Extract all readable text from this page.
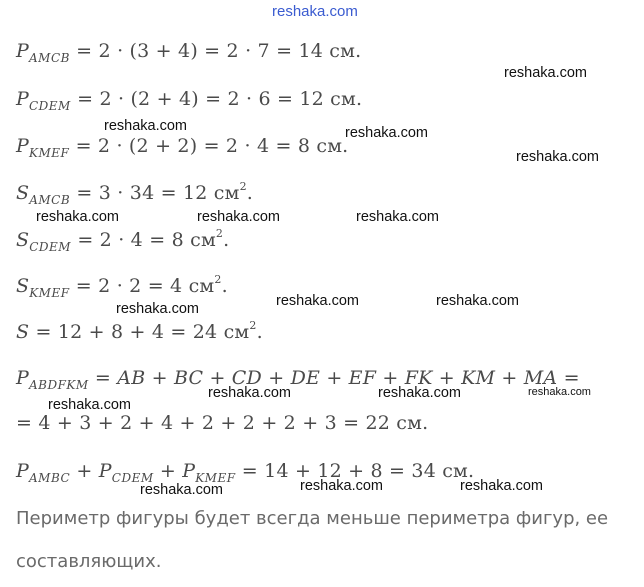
reshaka.com
$P_{AMCB} = 2 \cdot (3 + 4) = 2 \cdot 7 = 14$ см.
$P_{CDEM} = 2 \cdot (2 + 4) = 2 \cdot 6 = 12$ см.
$P_{KMEF} = 2 \cdot (2 + 2) = 2 \cdot 4 = 8$ см.
$S_{AMCB} = 3 \cdot 34 = 12$ $см^2$.
$S_{CDEM} = 2 \cdot 4 = 8$ $см^2$.
$S_{KMEF} = 2 \cdot 2 = 4$ $см^2$.
S = 12 + 8 + 4 = 24 $см^2$.
$P_{ABDFKM}$ = AB + BC + CD + DE + EF + FK + KM + MA =
= 4 + 3 + 2 + 4 + 2 + 2 + 2 + 3 = 22 см.
$P_{AMBC} + P_{CDEM} + P_{KMEF} = 14 + 12 + 8 = 34$ см.
Периметр фигуры будет всегда меньше периметра фигур, ее
составляющих.
reshaka.com
reshaka.com	reshaka.com
reshaka.com
reshaka.com	reshaka.com	reshaka.com
reshaka.com	reshaka.com	reshaka.com
reshaka.com
reshaka.com	reshaka.com	reshaka.com
reshaka.com	reshaka.com	reshaka.com
